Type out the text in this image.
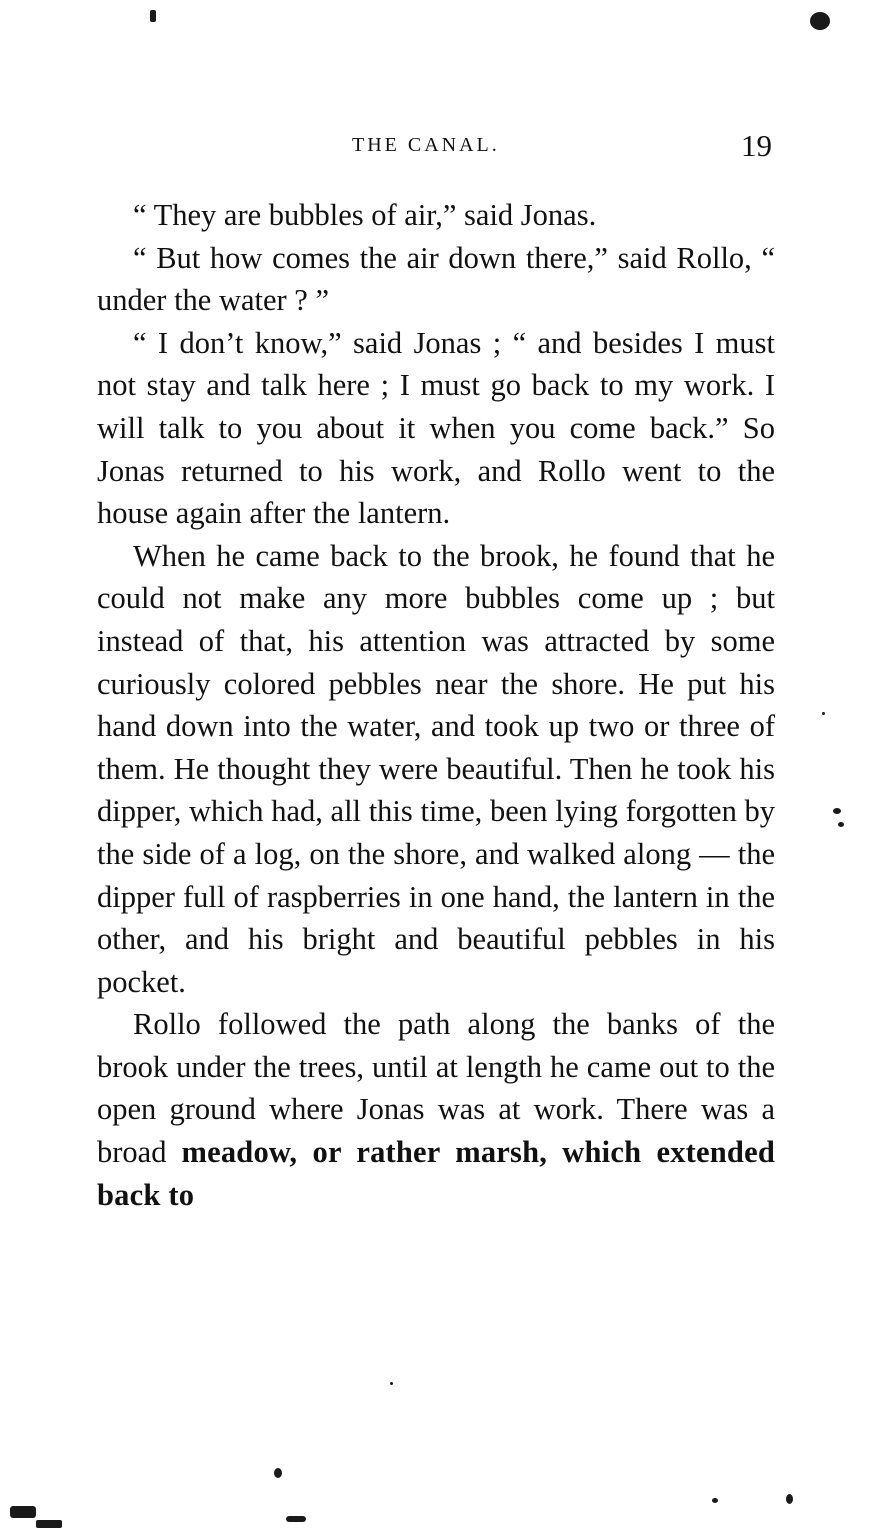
THE CANAL.	19

“ They are bubbles of air,” said Jonas.

“ But how comes the air down there,” said Rollo, “ under the water ? ”

“ I don’t know,” said Jonas ; “ and besides I must not stay and talk here ; I must go back to my work. I will talk to you about it when you come back.” So Jonas returned to his work, and Rollo went to the house again after the lantern.

When he came back to the brook, he found that he could not make any more bubbles come up ; but instead of that, his attention was attracted by some curiously colored pebbles near the shore. He put his hand down into the water, and took up two or three of them. He thought they were beautiful. Then he took his dipper, which had, all this time, been lying forgotten by the side of a log, on the shore, and walked along — the dipper full of raspberries in one hand, the lantern in the other, and his bright and beautiful pebbles in his pocket.

Rollo followed the path along the banks of the brook under the trees, until at length he came out to the open ground where Jonas was at work. There was a broad meadow, or rather marsh, which extended back to
